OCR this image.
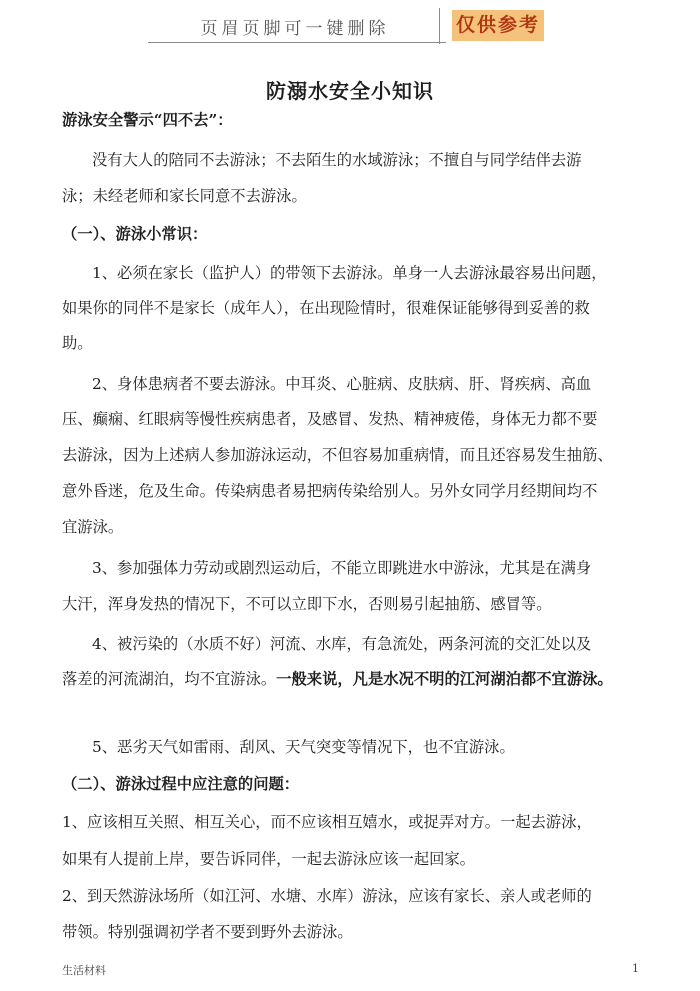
页眉页脚可一键删除	仅供参考
防溺水安全小知识
游泳安全警示“四不去”：
没有大人的陪同不去游泳；不去陌生的水域游泳；不擅自与同学结伴去游
泳；未经老师和家长同意不去游泳。
（一）、游泳小常识：
1、必须在家长（监护人）的带领下去游泳。单身一人去游泳最容易出问题，
如果你的同伴不是家长（成年人），在出现险情时，很难保证能够得到妥善的救
助。
2、身体患病者不要去游泳。中耳炎、心脏病、皮肤病、肝、肾疾病、高血
压、癫痫、红眼病等慢性疾病患者，及感冒、发热、精神疲倦，身体无力都不要
去游泳，因为上述病人参加游泳运动，不但容易加重病情，而且还容易发生抽筋、
意外昏迷，危及生命。传染病患者易把病传染给别人。另外女同学月经期间均不
宜游泳。
3、参加强体力劳动或剧烈运动后，不能立即跳进水中游泳，尤其是在满身
大汗，浑身发热的情况下，不可以立即下水，否则易引起抽筋、感冒等。
4、被污染的（水质不好）河流、水库，有急流处，两条河流的交汇处以及
落差的河流湖泊，均不宜游泳。一般来说，凡是水况不明的江河湖泊都不宜游泳。
5、恶劣天气如雷雨、刮风、天气突变等情况下，也不宜游泳。
（二）、游泳过程中应注意的问题：
1、应该相互关照、相互关心，而不应该相互嬉水，或捉弄对方。一起去游泳，
如果有人提前上岸，要告诉同伴，一起去游泳应该一起回家。
2、到天然游泳场所（如江河、水塘、水库）游泳，应该有家长、亲人或老师的
带领。特别强调初学者不要到野外去游泳。
生活材料	1
